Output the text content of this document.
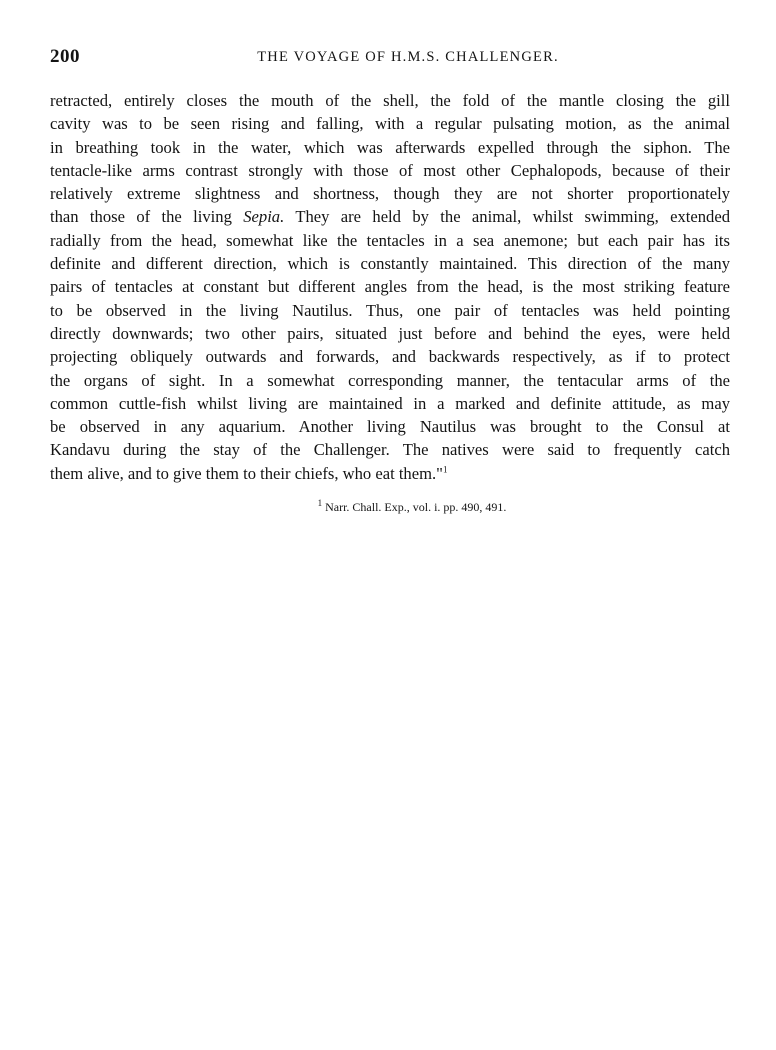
200	THE VOYAGE OF H.M.S. CHALLENGER.
retracted, entirely closes the mouth of the shell, the fold of the mantle closing the gill
cavity was to be seen rising and falling, with a regular pulsating motion, as the animal
in breathing took in the water, which was afterwards expelled through the siphon. The
tentacle-like arms contrast strongly with those of most other Cephalopods, because of their
relatively extreme slightness and shortness, though they are not shorter proportionately
than those of the living Sepia. They are held by the animal, whilst swimming, extended
radially from the head, somewhat like the tentacles in a sea anemone; but each pair has its
definite and different direction, which is constantly maintained. This direction of the many
pairs of tentacles at constant but different angles from the head, is the most striking feature
to be observed in the living Nautilus. Thus, one pair of tentacles was held pointing
directly downwards; two other pairs, situated just before and behind the eyes, were held
projecting obliquely outwards and forwards, and backwards respectively, as if to protect
the organs of sight. In a somewhat corresponding manner, the tentacular arms of the
common cuttle-fish whilst living are maintained in a marked and definite attitude, as may
be observed in any aquarium. Another living Nautilus was brought to the Consul at
Kandavu during the stay of the Challenger. The natives were said to frequently catch
them alive, and to give them to their chiefs, who eat them."$^1$
$^1$ Narr. Chall. Exp., vol. i. pp. 490, 491.
